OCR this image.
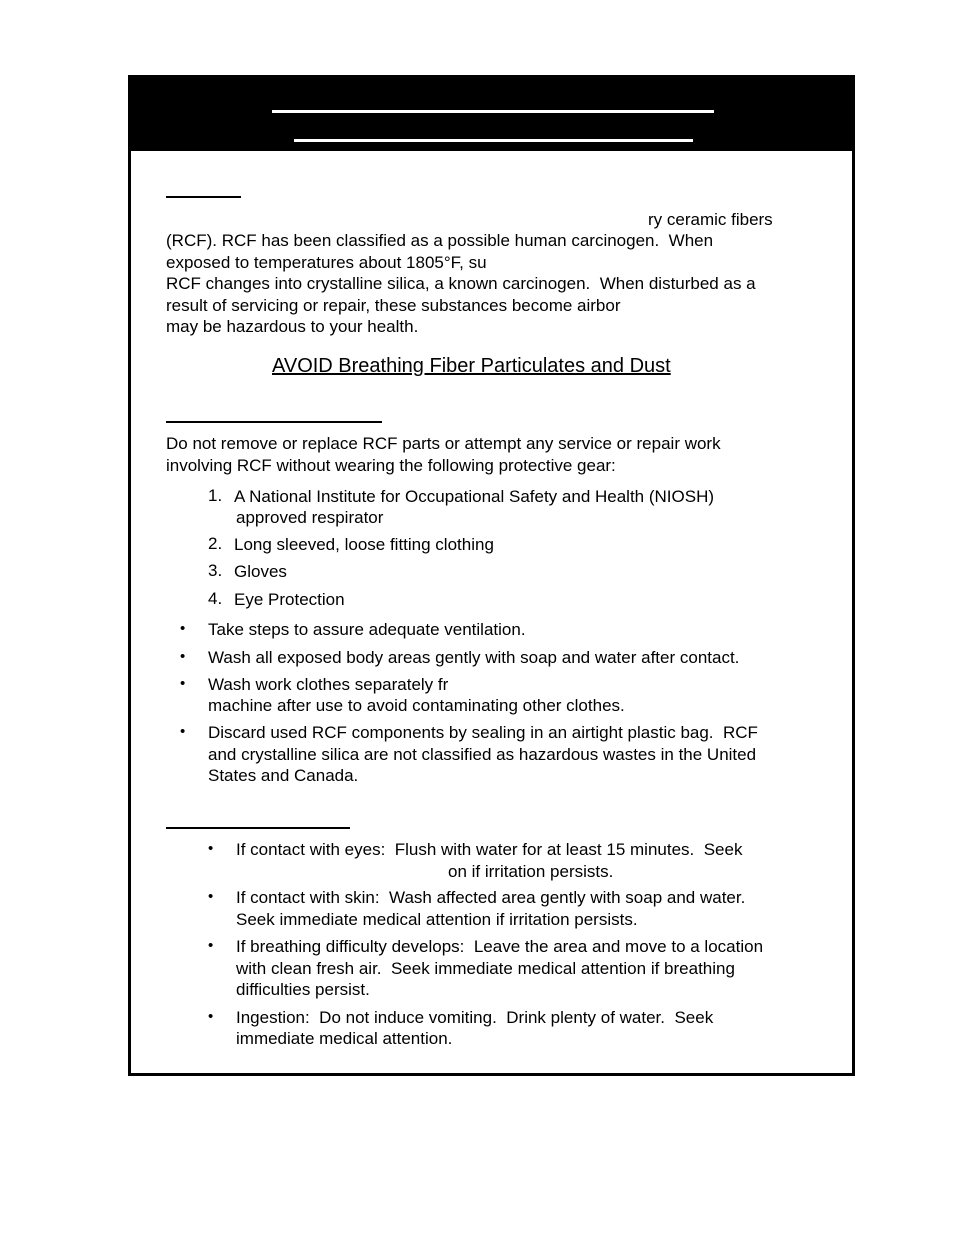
ry ceramic fibers
(RCF). RCF has been classified as a possible human carcinogen.  When
exposed to temperatures about 1805°F, su
RCF changes into crystalline silica, a known carcinogen.  When disturbed as a
result of servicing or repair, these substances become airbor
may be hazardous to your health.
AVOID Breathing Fiber Particulates and Dust
Do not remove or replace RCF parts or attempt any service or repair work
involving RCF without wearing the following protective gear:
1. A National Institute for Occupational Safety and Health (NIOSH)
approved respirator
2. Long sleeved, loose fitting clothing
3. Gloves
4. Eye Protection
• Take steps to assure adequate ventilation.
• Wash all exposed body areas gently with soap and water after contact.
• Wash work clothes separately fr
machine after use to avoid contaminating other clothes.
• Discard used RCF components by sealing in an airtight plastic bag.  RCF
and crystalline silica are not classified as hazardous wastes in the United
States and Canada.
• If contact with eyes:  Flush with water for at least 15 minutes.  Seek
on if irritation persists.
• If contact with skin:  Wash affected area gently with soap and water.
Seek immediate medical attention if irritation persists.
• If breathing difficulty develops:  Leave the area and move to a location
with clean fresh air.  Seek immediate medical attention if breathing
difficulties persist.
• Ingestion:  Do not induce vomiting.  Drink plenty of water.  Seek
immediate medical attention.
